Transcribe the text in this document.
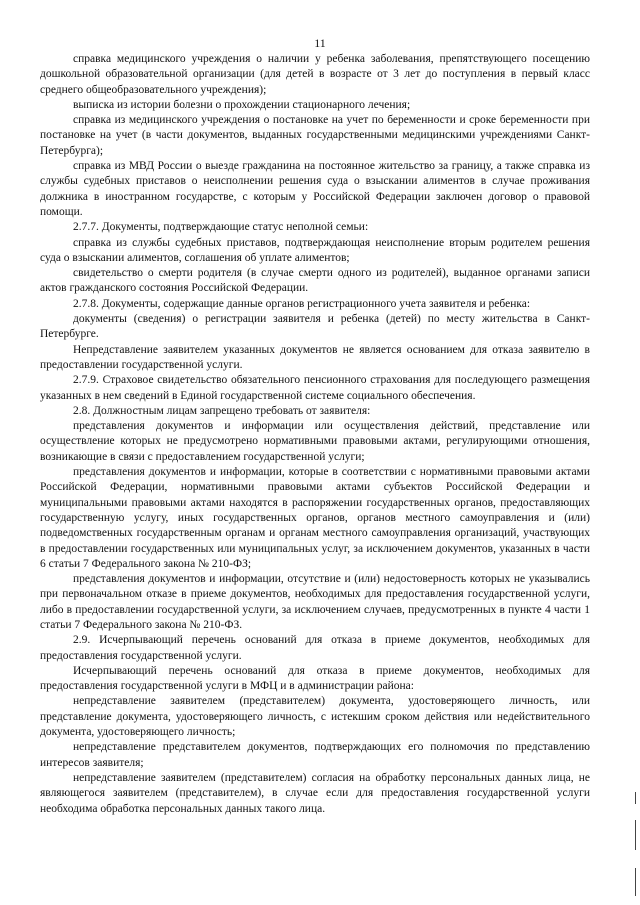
11

справка медицинского учреждения о наличии у ребенка заболевания, препятствующего посещению дошкольной образовательной организации (для детей в возрасте от 3 лет до поступления в первый класс среднего общеобразовательного учреждения);

выписка из истории болезни о прохождении стационарного лечения;

справка из медицинского учреждения о постановке на учет по беременности и сроке беременности при постановке на учет (в части документов, выданных государственными медицинскими учреждениями Санкт-Петербурга);

справка из МВД России о выезде гражданина на постоянное жительство за границу, а также справка из службы судебных приставов о неисполнении решения суда о взыскании алиментов в случае проживания должника в иностранном государстве, с которым у Российской Федерации заключен договор о правовой помощи.

2.7.7. Документы, подтверждающие статус неполной семьи:

справка из службы судебных приставов, подтверждающая неисполнение вторым родителем решения суда о взыскании алиментов, соглашения об уплате алиментов;

свидетельство о смерти родителя (в случае смерти одного из родителей), выданное органами записи актов гражданского состояния Российской Федерации.

2.7.8. Документы, содержащие данные органов регистрационного учета заявителя и ребенка:

документы (сведения) о регистрации заявителя и ребенка (детей) по месту жительства в Санкт-Петербурге.

Непредставление заявителем указанных документов не является основанием для отказа заявителю в предоставлении государственной услуги.

2.7.9. Страховое свидетельство обязательного пенсионного страхования для последующего размещения указанных в нем сведений в Единой государственной системе социального обеспечения.

2.8. Должностным лицам запрещено требовать от заявителя:

представления документов и информации или осуществления действий, представление или осуществление которых не предусмотрено нормативными правовыми актами, регулирующими отношения, возникающие в связи с предоставлением государственной услуги;

представления документов и информации, которые в соответствии с нормативными правовыми актами Российской Федерации, нормативными правовыми актами субъектов Российской Федерации и муниципальными правовыми актами находятся в распоряжении государственных органов, предоставляющих государственную услугу, иных государственных органов, органов местного самоуправления и (или) подведомственных государственным органам и органам местного самоуправления организаций, участвующих в предоставлении государственных или муниципальных услуг, за исключением документов, указанных в части 6 статьи 7 Федерального закона № 210-ФЗ;

представления документов и информации, отсутствие и (или) недостоверность которых не указывались при первоначальном отказе в приеме документов, необходимых для предоставления государственной услуги, либо в предоставлении государственной услуги, за исключением случаев, предусмотренных в пункте 4 части 1 статьи 7 Федерального закона № 210-ФЗ.

2.9. Исчерпывающий перечень оснований для отказа в приеме документов, необходимых для предоставления государственной услуги.

Исчерпывающий перечень оснований для отказа в приеме документов, необходимых для предоставления государственной услуги в МФЦ и в администрации района:

непредставление заявителем (представителем) документа, удостоверяющего личность, или представление документа, удостоверяющего личность, с истекшим сроком действия или недействительного документа, удостоверяющего личность;

непредставление представителем документов, подтверждающих его полномочия по представлению интересов заявителя;

непредставление заявителем (представителем) согласия на обработку персональных данных лица, не являющегося заявителем (представителем), в случае если для предоставления государственной услуги необходима обработка персональных данных такого лица.
